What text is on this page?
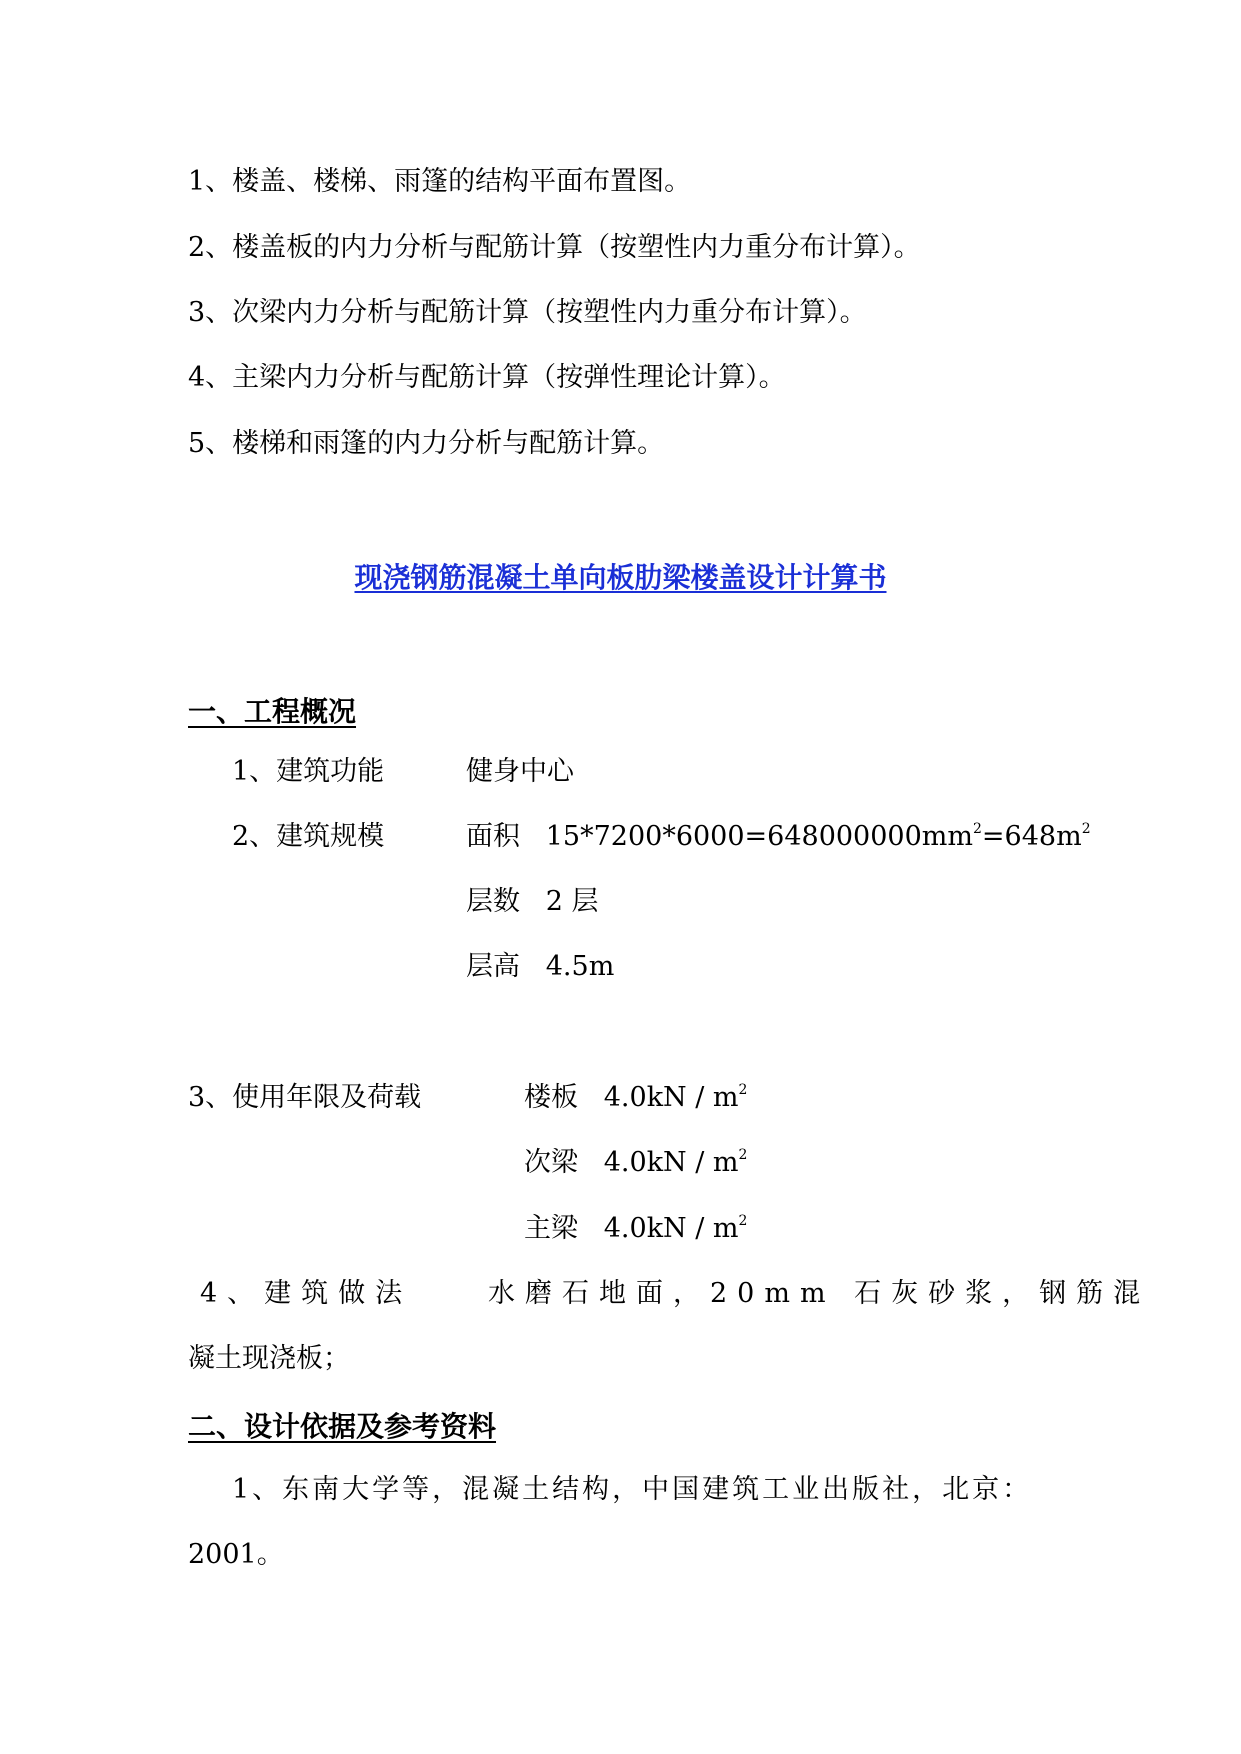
1、楼盖、楼梯、雨篷的结构平面布置图。
2、楼盖板的内力分析与配筋计算（按塑性内力重分布计算）。
3、次梁内力分析与配筋计算（按塑性内力重分布计算）。
4、主梁内力分析与配筋计算（按弹性理论计算）。
5、楼梯和雨篷的内力分析与配筋计算。
现浇钢筋混凝土单向板肋梁楼盖设计计算书
一、工程概况
1、建筑功能	健身中心
2、建筑规模	面积 $15*7200*6000=648000000mm^2=648m^2$
层数 2 层
层高 4.5m
3、使用年限及荷载	楼板 $4.0kN / m^2$
次梁 $4.0kN / m^2$
主梁 $4.0kN / m^2$
4、建筑做法	水磨石地面，20mm 石灰砂浆，钢筋混
凝土现浇板；
二、设计依据及参考资料
1、东南大学等，混凝土结构，中国建筑工业出版社，北京：
2001。
